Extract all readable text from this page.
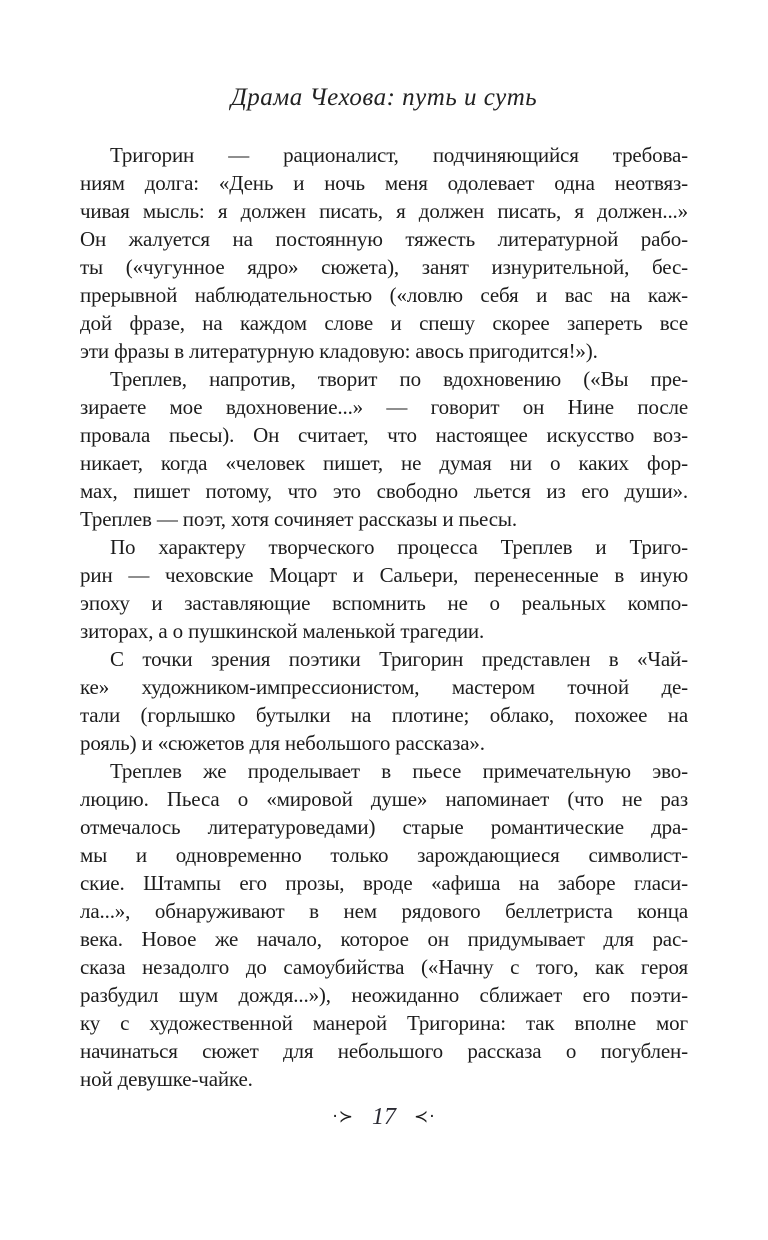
Драма Чехова: путь и суть
Тригорин — рационалист, подчиняющийся требова-
ниям долга: «День и ночь меня одолевает одна неотвяз-
чивая мысль: я должен писать, я должен писать, я должен...»
Он жалуется на постоянную тяжесть литературной рабо-
ты («чугунное ядро» сюжета), занят изнурительной, бес-
прерывной наблюдательностью («ловлю себя и вас на каж-
дой фразе, на каждом слове и спешу скорее запереть все
эти фразы в литературную кладовую: авось пригодится!»).
Треплев, напротив, творит по вдохновению («Вы пре-
зираете мое вдохновение...» — говорит он Нине после
провала пьесы). Он считает, что настоящее искусство воз-
никает, когда «человек пишет, не думая ни о каких фор-
мах, пишет потому, что это свободно льется из его души».
Треплев — поэт, хотя сочиняет рассказы и пьесы.
По характеру творческого процесса Треплев и Триго-
рин — чеховские Моцарт и Сальери, перенесенные в иную
эпоху и заставляющие вспомнить не о реальных компо-
зиторах, а о пушкинской маленькой трагедии.
С точки зрения поэтики Тригорин представлен в «Чай-
ке» художником-импрессионистом, мастером точной де-
тали (горлышко бутылки на плотине; облако, похожее на
рояль) и «сюжетов для небольшого рассказа».
Треплев же проделывает в пьесе примечательную эво-
люцию. Пьеса о «мировой душе» напоминает (что не раз
отмечалось литературоведами) старые романтические дра-
мы и одновременно только зарождающиеся символист-
ские. Штампы его прозы, вроде «афиша на заборе гласи-
ла...», обнаруживают в нем рядового беллетриста конца
века. Новое же начало, которое он придумывает для рас-
сказа незадолго до самоубийства («Начну с того, как героя
разбудил шум дождя...»), неожиданно сближает его поэти-
ку с художественной манерой Тригорина: так вполне мог
начинаться сюжет для небольшого рассказа о погублен-
ной девушке-чайке.
·≻ 17 ≺·
